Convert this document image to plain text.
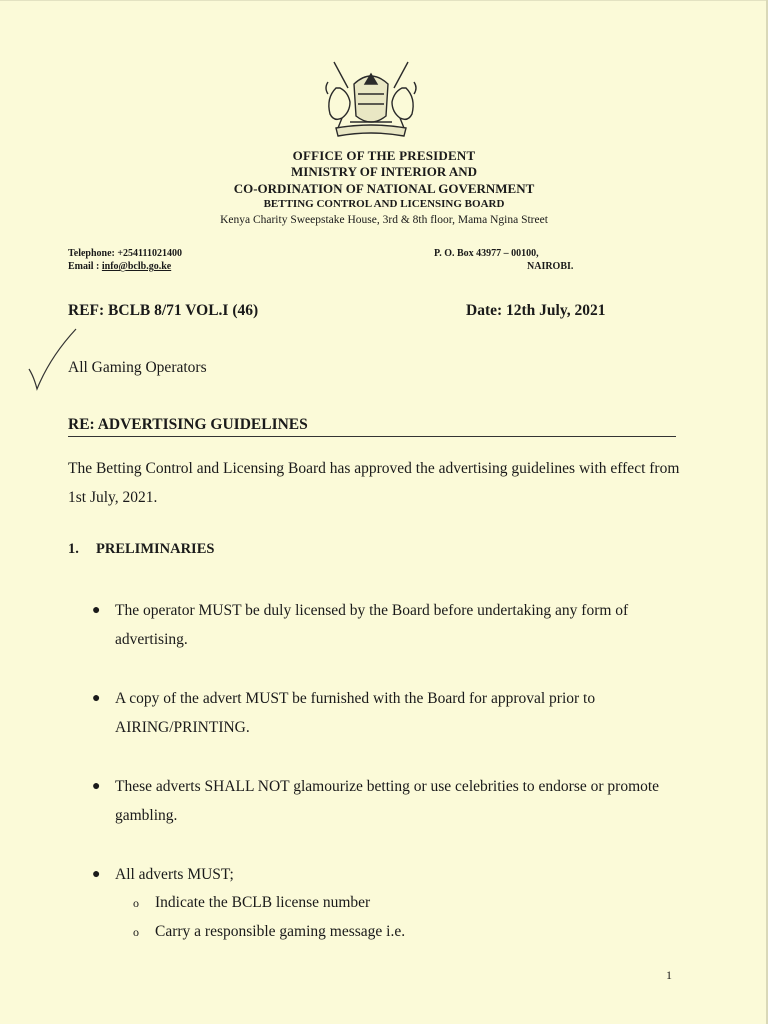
OFFICE OF THE PRESIDENT
MINISTRY OF INTERIOR AND
CO-ORDINATION OF NATIONAL GOVERNMENT
BETTING CONTROL AND LICENSING BOARD
Kenya Charity Sweepstake House, 3rd & 8th floor, Mama Ngina Street
Telephone: +254111021400
Email : info@bclb.go.ke
P. O. Box 43977 – 00100,
NAIROBI.
REF: BCLB 8/71 VOL.I (46)	Date: 12th July, 2021
All Gaming Operators
RE: ADVERTISING GUIDELINES
The Betting Control and Licensing Board has approved the advertising guidelines with effect from 1st July, 2021.
1. PRELIMINARIES
● The operator MUST be duly licensed by the Board before undertaking any form of advertising.
● A copy of the advert MUST be furnished with the Board for approval prior to AIRING/PRINTING.
● These adverts SHALL NOT glamourize betting or use celebrities to endorse or promote gambling.
● All adverts MUST;
o Indicate the BCLB license number
o Carry a responsible gaming message i.e.
1
